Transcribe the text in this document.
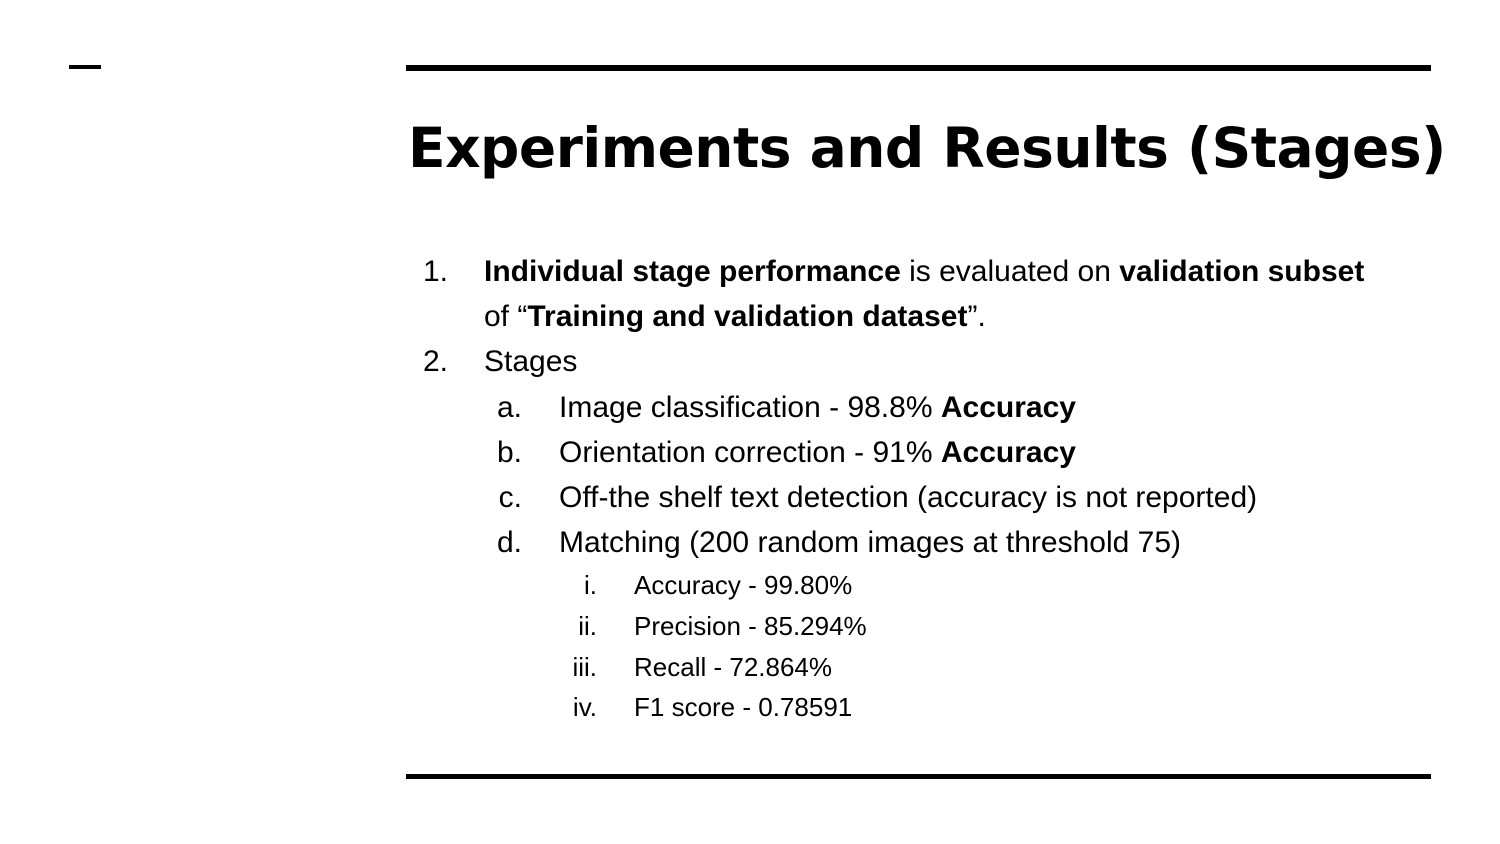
Experiments and Results (Stages)
1. Individual stage performance is evaluated on validation subset
of “Training and validation dataset”.
2. Stages
a. Image classification - 98.8% Accuracy
b. Orientation correction - 91% Accuracy
c. Off-the shelf text detection (accuracy is not reported)
d. Matching (200 random images at threshold 75)
i. Accuracy - 99.80%
ii. Precision - 85.294%
iii. Recall - 72.864%
iv. F1 score - 0.78591
